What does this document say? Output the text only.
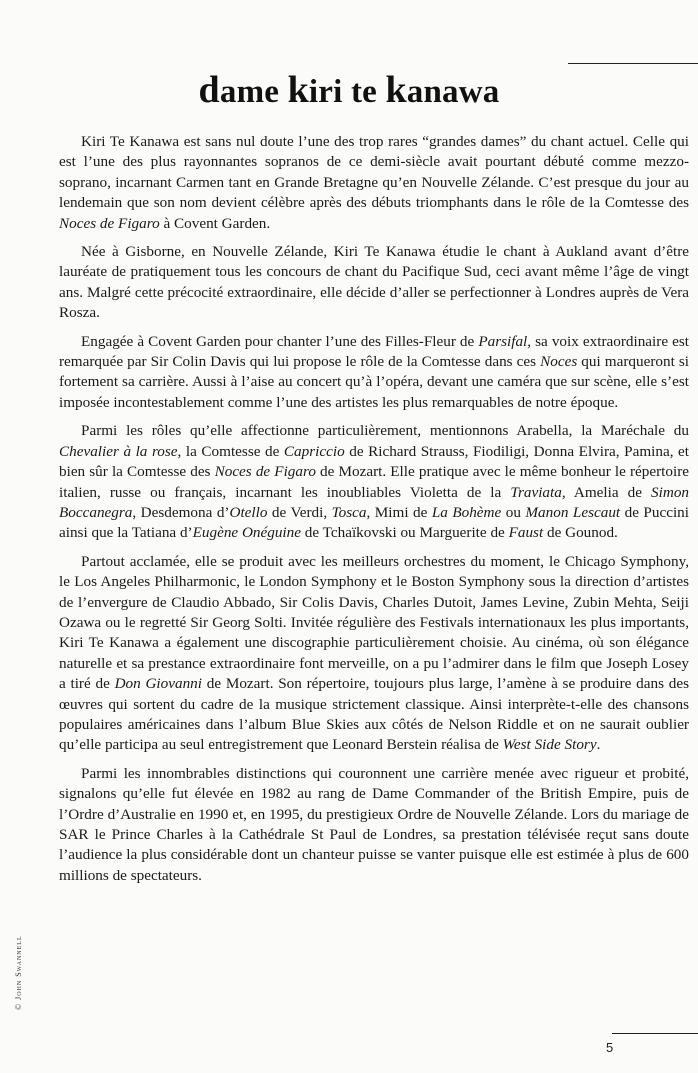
dame kiri te kanawa

Kiri Te Kanawa est sans nul doute l’une des trop rares “grandes dames” du chant actuel. Celle qui est l’une des plus rayonnantes sopranos de ce demi-siècle avait pourtant débuté comme mezzo-soprano, incarnant Carmen tant en Grande Bretagne qu’en Nouvelle Zélande. C’est presque du jour au lendemain que son nom devient célèbre après des débuts triomphants dans le rôle de la Comtesse des Noces de Figaro à Covent Garden.

Née à Gisborne, en Nouvelle Zélande, Kiri Te Kanawa étudie le chant à Aukland avant d’être lauréate de pratiquement tous les concours de chant du Pacifique Sud, ceci avant même l’âge de vingt ans. Malgré cette précocité extraordinaire, elle décide d’aller se perfectionner à Londres auprès de Vera Rosza.

Engagée à Covent Garden pour chanter l’une des Filles-Fleur de Parsifal, sa voix extraordinaire est remarquée par Sir Colin Davis qui lui propose le rôle de la Comtesse dans ces Noces qui marqueront si fortement sa carrière. Aussi à l’aise au concert qu’à l’opéra, devant une caméra que sur scène, elle s’est imposée incontestablement comme l’une des artistes les plus remarquables de notre époque.

Parmi les rôles qu’elle affectionne particulièrement, mentionnons Arabella, la Maréchale du Chevalier à la rose, la Comtesse de Capriccio de Richard Strauss, Fiodiligi, Donna Elvira, Pamina, et bien sûr la Comtesse des Noces de Figaro de Mozart. Elle pratique avec le même bonheur le répertoire italien, russe ou français, incarnant les inoubliables Violetta de la Traviata, Amelia de Simon Boccanegra, Desdemona d’Otello de Verdi, Tosca, Mimi de La Bohème ou Manon Lescaut de Puccini ainsi que la Tatiana d’Eugène Onéguine de Tchaïkovski ou Marguerite de Faust de Gounod.

Partout acclamée, elle se produit avec les meilleurs orchestres du moment, le Chicago Symphony, le Los Angeles Philharmonic, le London Symphony et le Boston Symphony sous la direction d’artistes de l’envergure de Claudio Abbado, Sir Colis Davis, Charles Dutoit, James Levine, Zubin Mehta, Seiji Ozawa ou le regretté Sir Georg Solti. Invitée régulière des Festivals internationaux les plus importants, Kiri Te Kanawa a également une discographie particulièrement choisie. Au cinéma, où son élégance naturelle et sa prestance extraordinaire font merveille, on a pu l’admirer dans le film que Joseph Losey a tiré de Don Giovanni de Mozart. Son répertoire, toujours plus large, l’amène à se produire dans des œuvres qui sortent du cadre de la musique strictement classique. Ainsi interprète-t-elle des chansons populaires américaines dans l’album Blue Skies aux côtés de Nelson Riddle et on ne saurait oublier qu’elle participa au seul entregistrement que Leonard Berstein réalisa de West Side Story.

Parmi les innombrables distinctions qui couronnent une carrière menée avec rigueur et probité, signalons qu’elle fut élevée en 1982 au rang de Dame Commander of the British Empire, puis de l’Ordre d’Australie en 1990 et, en 1995, du prestigieux Ordre de Nouvelle Zélande. Lors du mariage de SAR le Prince Charles à la Cathédrale St Paul de Londres, sa prestation télévisée reçut sans doute l’audience la plus considérable dont un chanteur puisse se vanter puisque elle est estimée à plus de 600 millions de spectateurs.

© John Swannell
5
